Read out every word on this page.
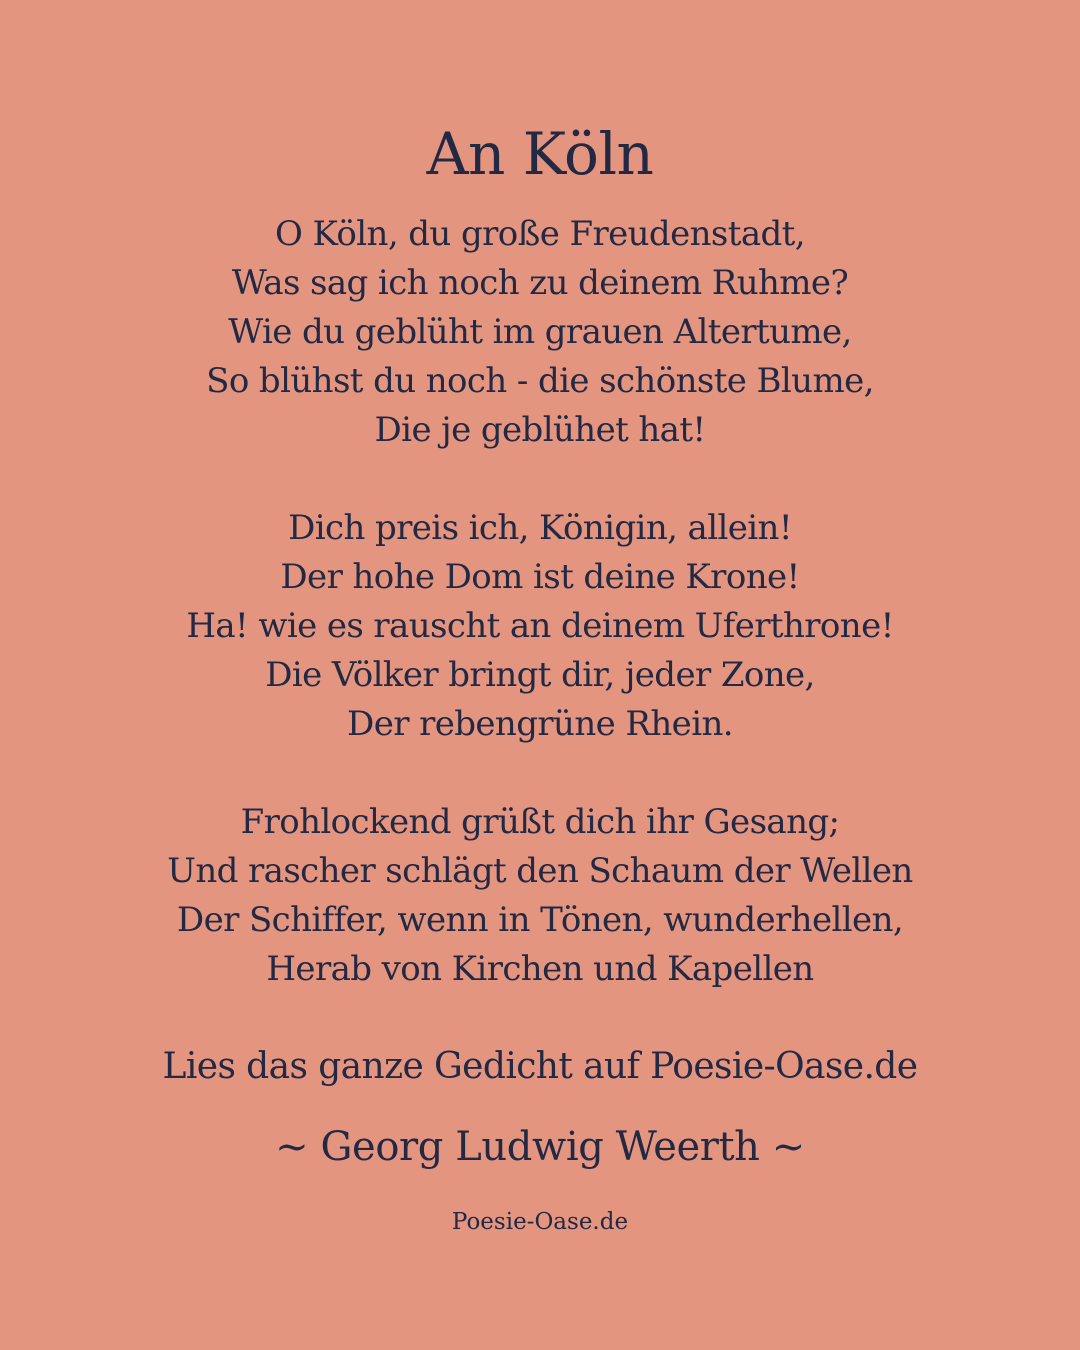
An Köln
O Köln, du große Freudenstadt,
Was sag ich noch zu deinem Ruhme?
Wie du geblüht im grauen Altertume,
So blühst du noch - die schönste Blume,
Die je geblühet hat!
Dich preis ich, Königin, allein!
Der hohe Dom ist deine Krone!
Ha! wie es rauscht an deinem Uferthrone!
Die Völker bringt dir, jeder Zone,
Der rebengrüne Rhein.
Frohlockend grüßt dich ihr Gesang;
Und rascher schlägt den Schaum der Wellen
Der Schiffer, wenn in Tönen, wunderhellen,
Herab von Kirchen und Kapellen
Lies das ganze Gedicht auf Poesie-Oase.de
~ Georg Ludwig Weerth ~
Poesie-Oase.de
